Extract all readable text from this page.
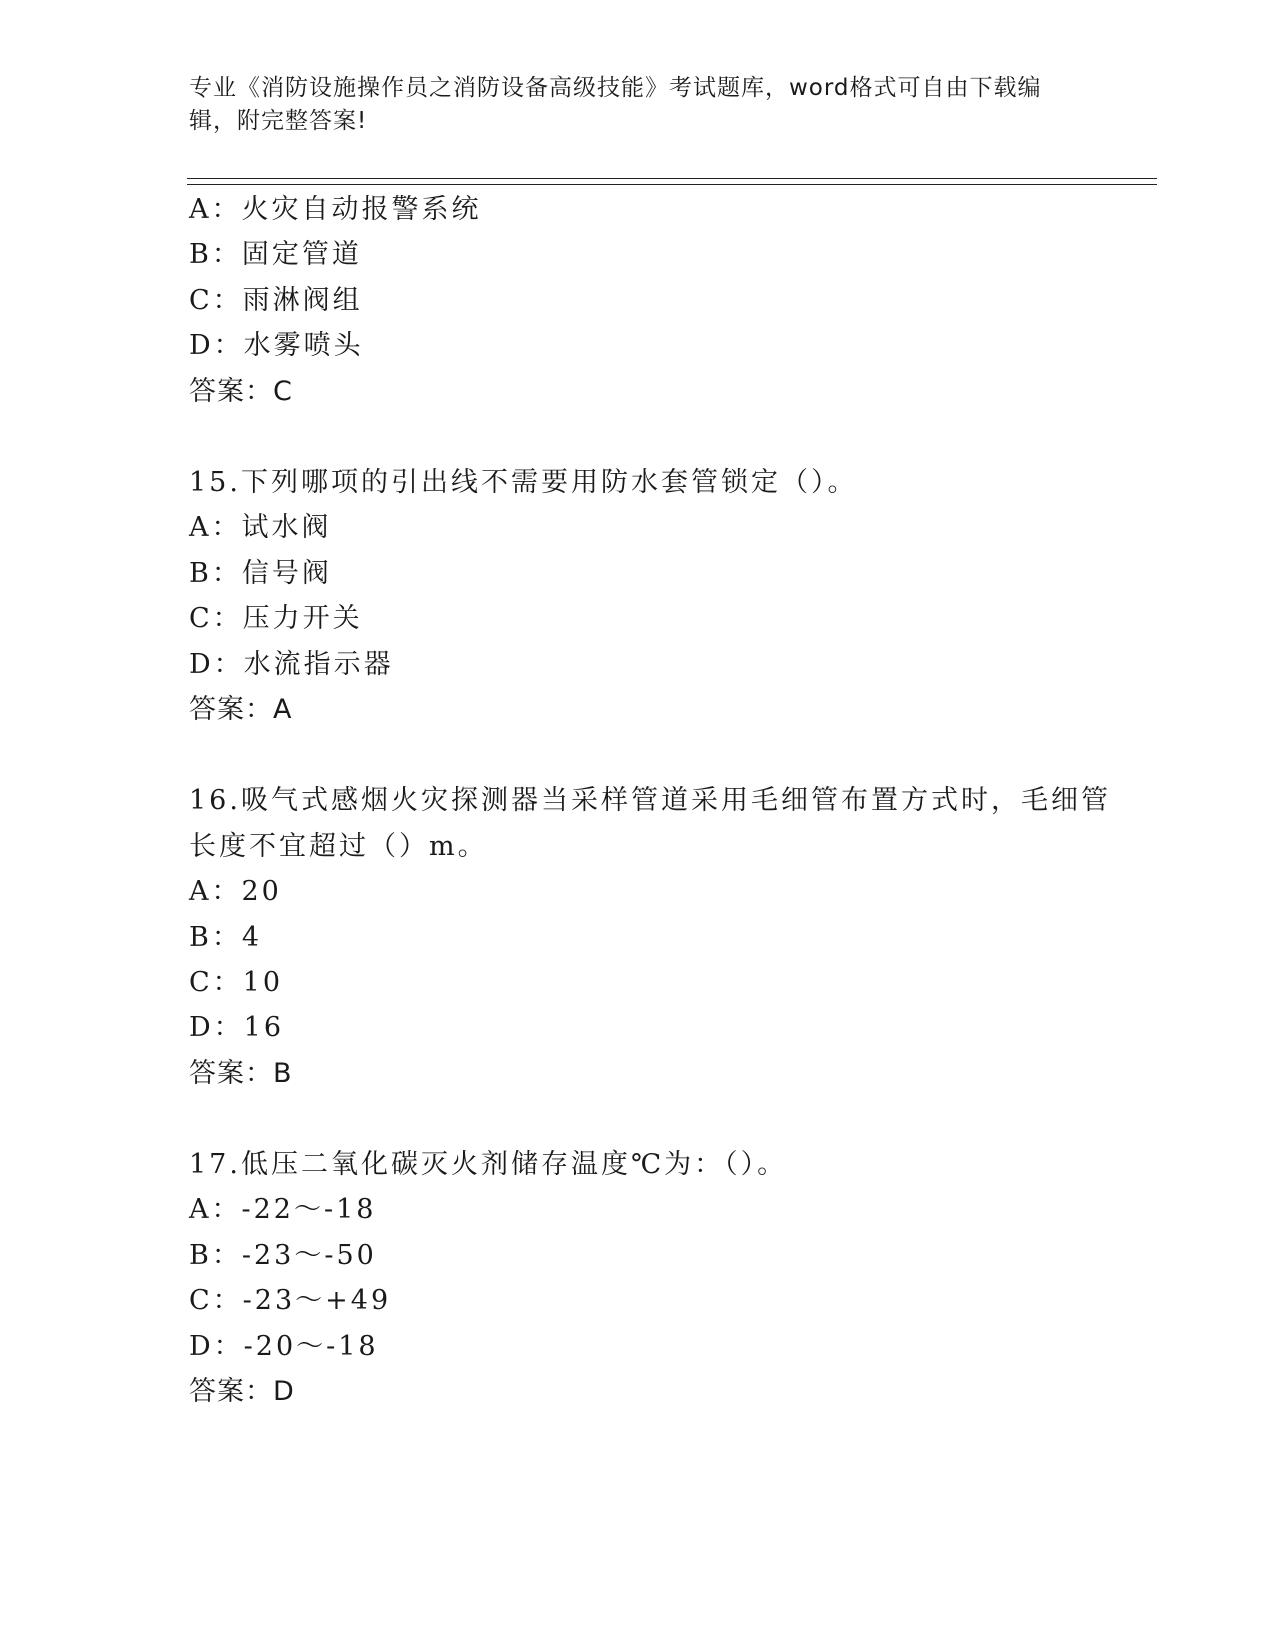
专业《消防设施操作员之消防设备高级技能》考试题库，word格式可自由下载编辑，附完整答案!
A：火灾自动报警系统
B：固定管道
C：雨淋阀组
D：水雾喷头
答案：C
15.下列哪项的引出线不需要用防水套管锁定（）。
A：试水阀
B：信号阀
C：压力开关
D：水流指示器
答案：A
16.吸气式感烟火灾探测器当采样管道采用毛细管布置方式时，毛细管
长度不宜超过（）m。
A：20
B：4
C：10
D：16
答案：B
17.低压二氧化碳灭火剂储存温度℃为：（）。
A：-22～-18
B：-23～-50
C：-23～+49
D：-20～-18
答案：D
